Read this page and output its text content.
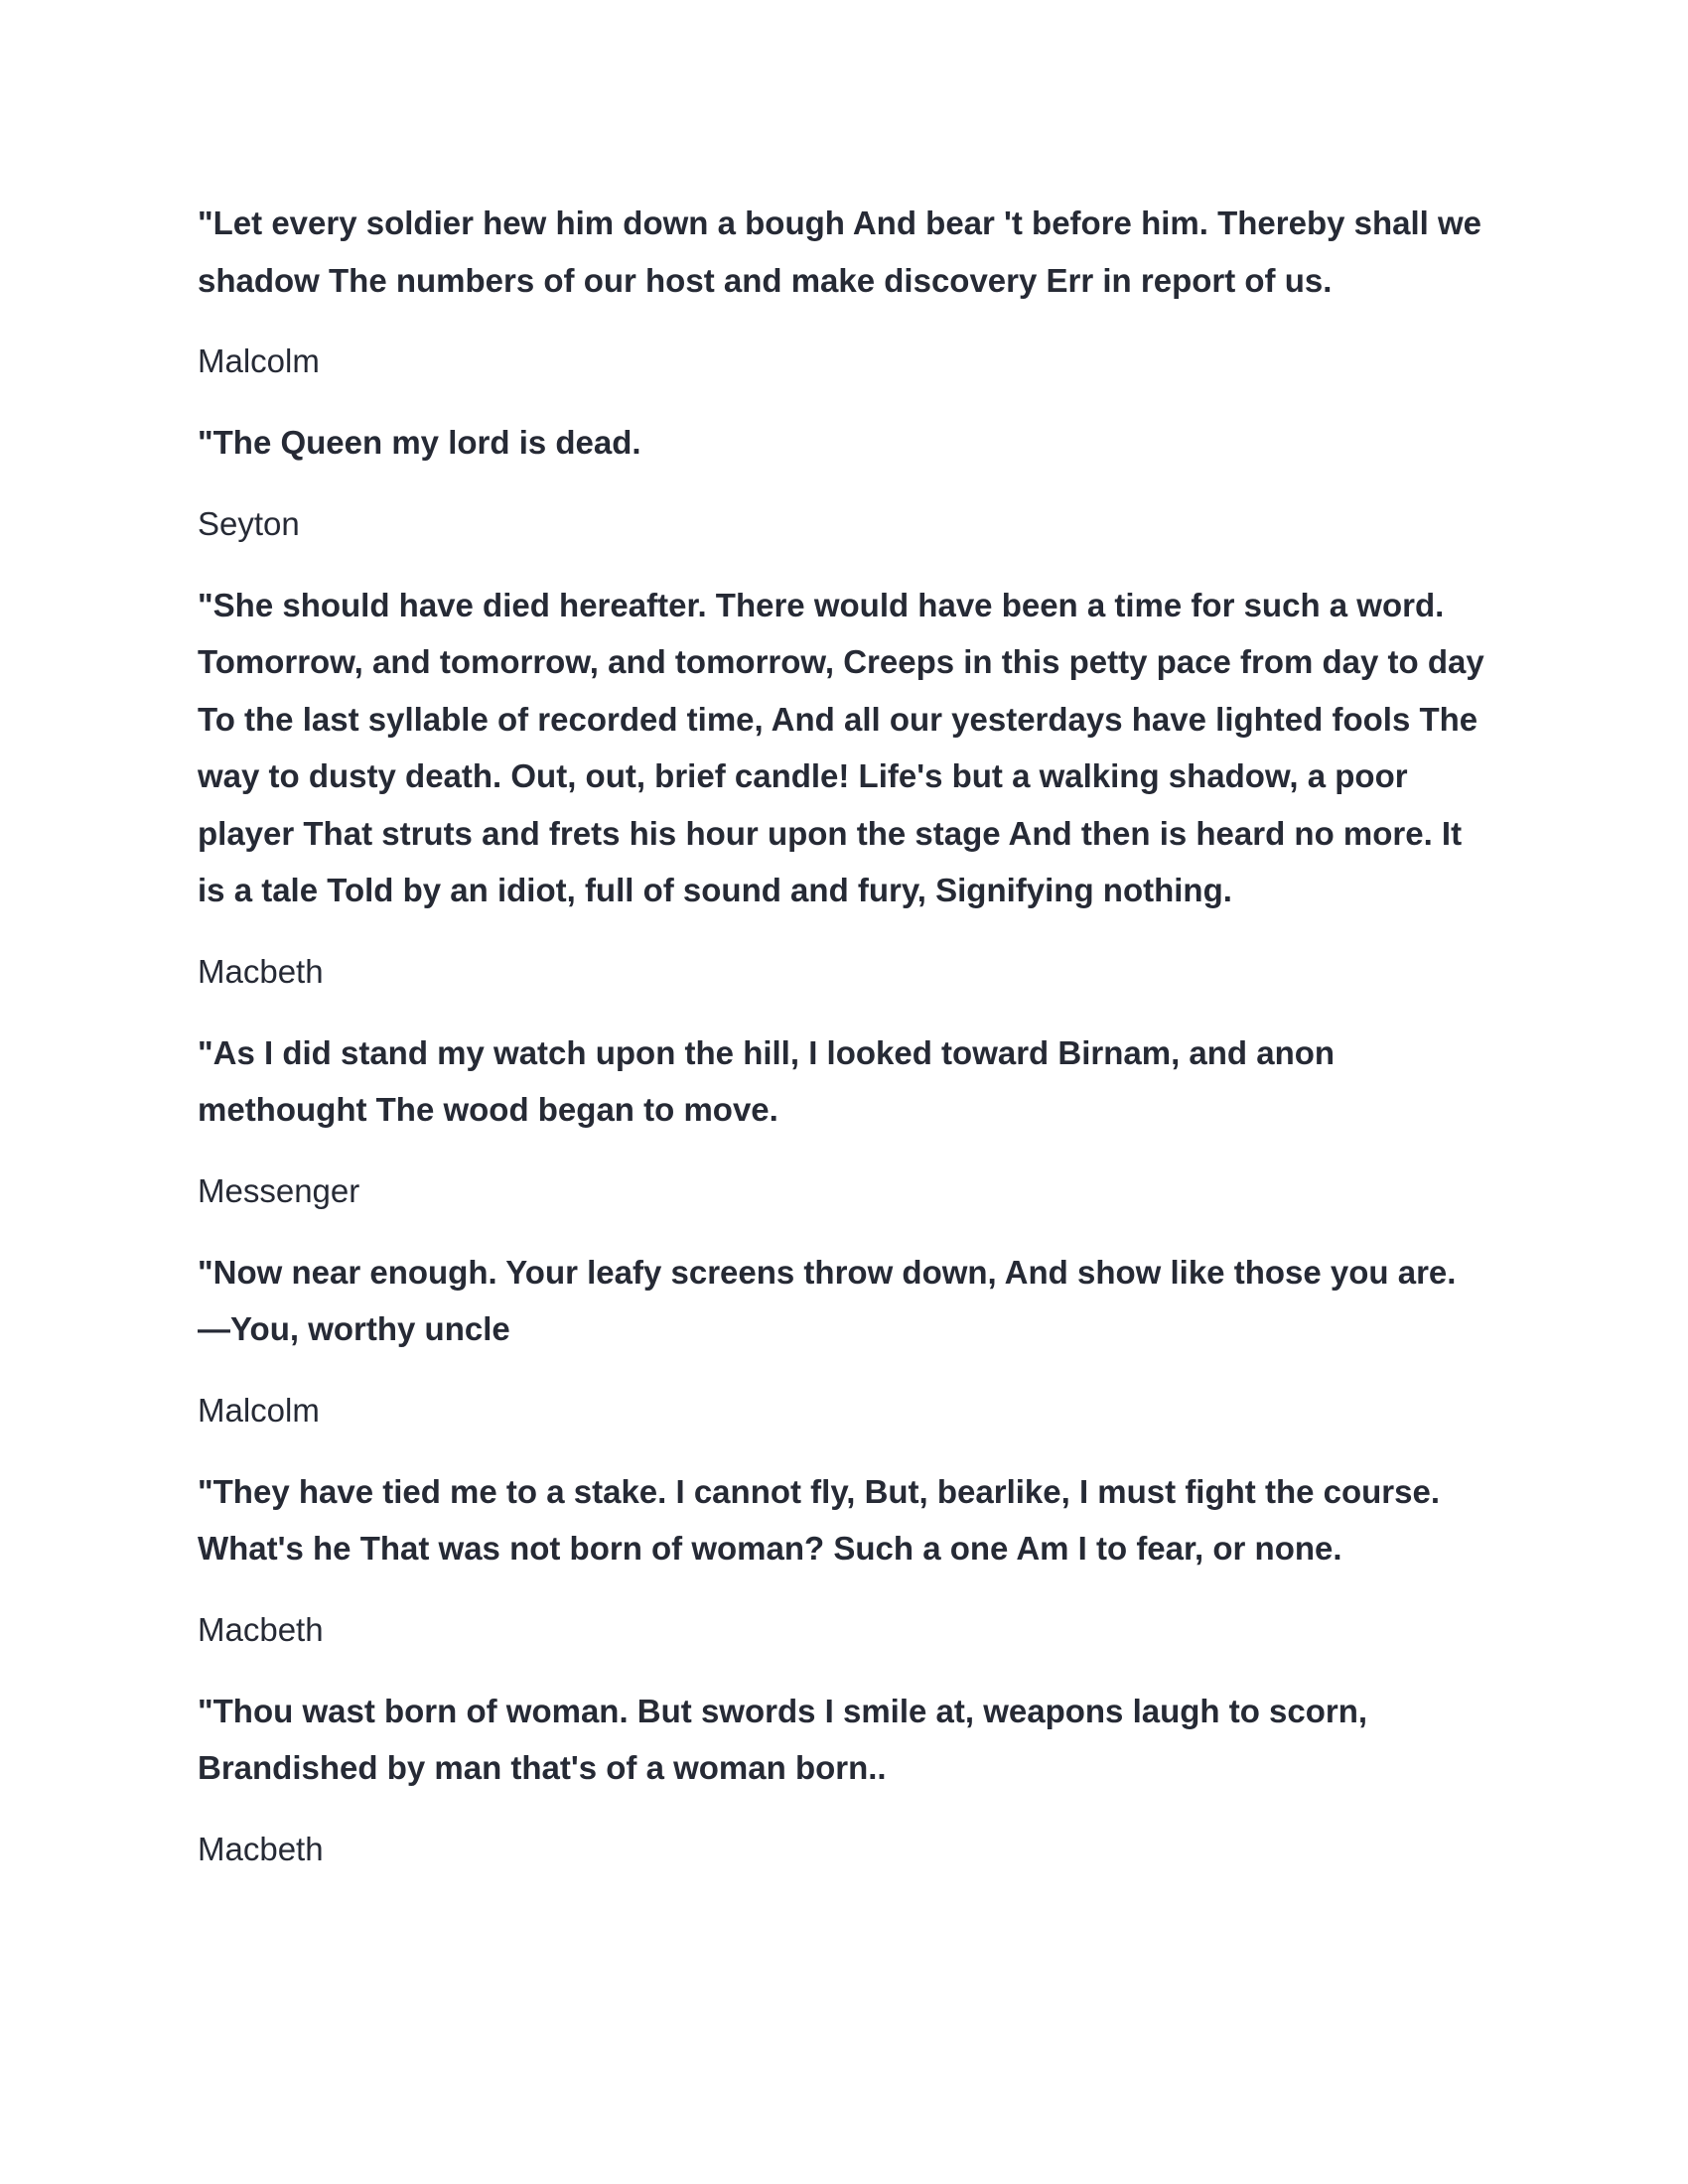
"Let every soldier hew him down a bough And bear 't before him. Thereby shall we shadow The numbers of our host and make discovery Err in report of us.

Malcolm

"The Queen my lord is dead.

Seyton

"She should have died hereafter. There would have been a time for such a word. Tomorrow, and tomorrow, and tomorrow, Creeps in this petty pace from day to day To the last syllable of recorded time, And all our yesterdays have lighted fools The way to dusty death. Out, out, brief candle! Life's but a walking shadow, a poor player That struts and frets his hour upon the stage And then is heard no more. It is a tale Told by an idiot, full of sound and fury, Signifying nothing.

Macbeth

"As I did stand my watch upon the hill, I looked toward Birnam, and anon methought The wood began to move.

Messenger

"Now near enough. Your leafy screens throw down, And show like those you are.—You, worthy uncle

Malcolm

"They have tied me to a stake. I cannot fly, But, bearlike, I must fight the course. What's he That was not born of woman? Such a one Am I to fear, or none.

Macbeth

"Thou wast born of woman. But swords I smile at, weapons laugh to scorn, Brandished by man that's of a woman born..

Macbeth
